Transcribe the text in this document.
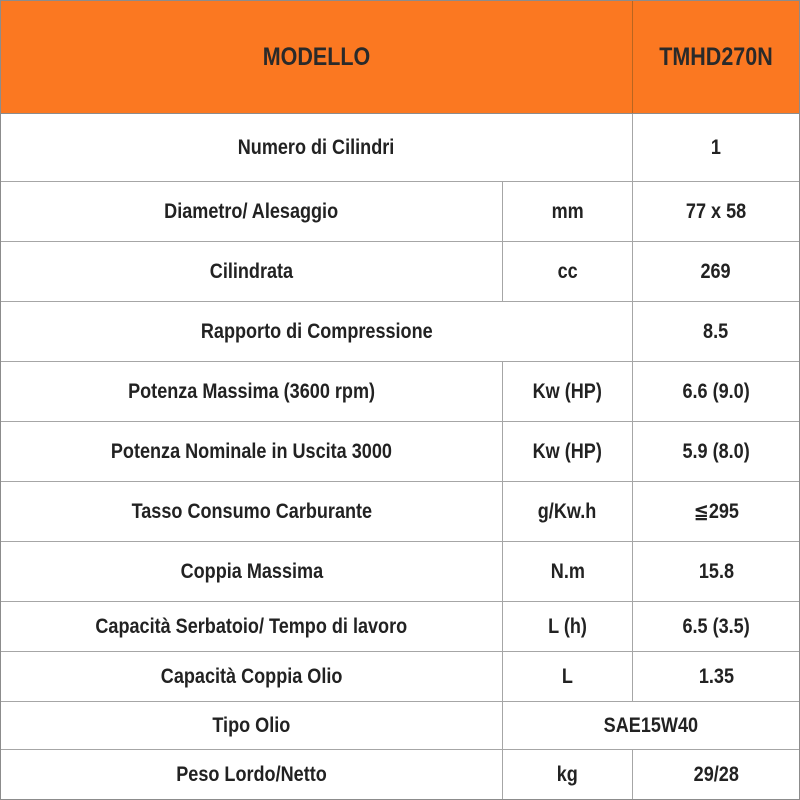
MODELLO	TMHD270N
Numero di Cilindri	1
Diametro/ Alesaggio	mm	77 x 58
Cilindrata	cc	269
Rapporto di Compressione	8.5
Potenza Massima (3600 rpm)	Kw (HP)	6.6 (9.0)
Potenza Nominale in Uscita 3000	Kw (HP)	5.9 (8.0)
Tasso Consumo Carburante	g/Kw.h	≦295
Coppia Massima	N.m	15.8
Capacità Serbatoio/ Tempo di lavoro	L (h)	6.5 (3.5)
Capacità Coppia Olio	L	1.35
Tipo Olio	SAE15W40
Peso Lordo/Netto	kg	29/28
